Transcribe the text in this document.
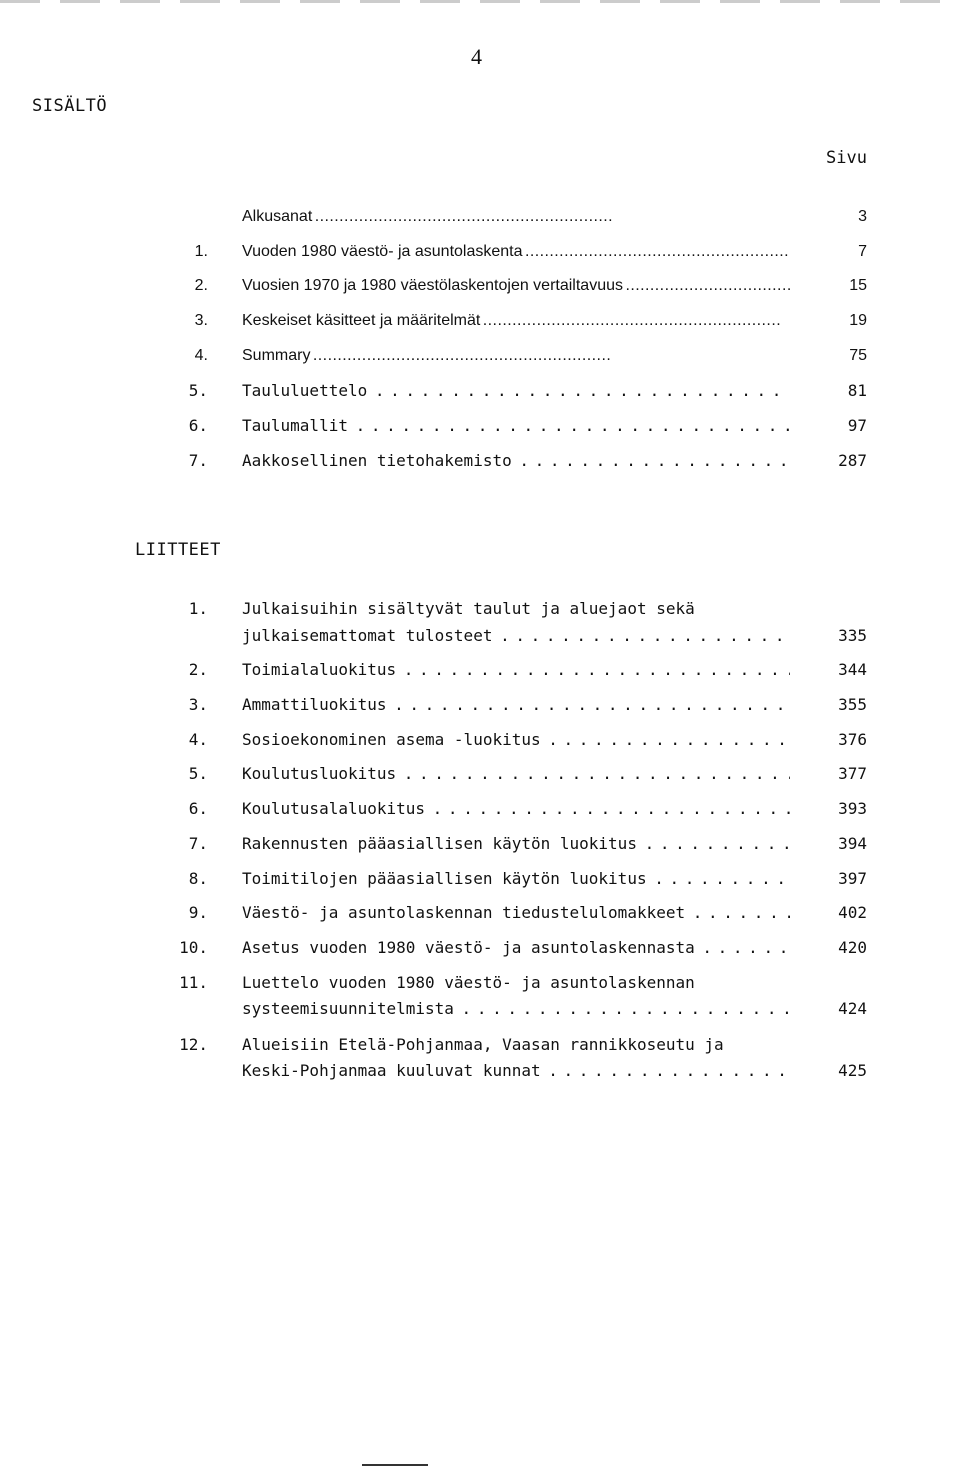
4
SISÄLTÖ
Sivu
Alkusanat . . .	3
1. Vuoden 1980 väestö- ja asuntolaskenta . . .	7
2. Vuosien 1970 ja 1980 väestölaskentojen vertailtavuus . . .	15
3. Keskeiset käsitteet ja määritelmät . . .	19
4. Summary . . .	75
5. Taululuettelo . . .	81
6. Taulumallit . . .	97
7. Aakkosellinen tietohakemisto . . .	287
LIITTEET
1. Julkaisuihin sisältyvät taulut ja aluejaot sekä
julkaisemattomat tulosteet . . .	335
2. Toimialaluokitus . . .	344
3. Ammattiluokitus . . .	355
4. Sosioekonominen asema -luokitus . . .	376
5. Koulutusluokitus . . .	377
6. Koulutusalaluokitus . . .	393
7. Rakennusten pääasiallisen käytön luokitus . . .	394
8. Toimitilojen pääasiallisen käytön luokitus . . .	397
9. Väestö- ja asuntolaskennan tiedustelulomakkeet . . .	402
10. Asetus vuoden 1980 väestö- ja asuntolaskennasta . . .	420
11. Luettelo vuoden 1980 väestö- ja asuntolaskennan
systeemisuunnitelmista . . .	424
12. Alueisiin Etelä-Pohjanmaa, Vaasan rannikkoseutu ja
Keski-Pohjanmaa kuuluvat kunnat . . .	425
